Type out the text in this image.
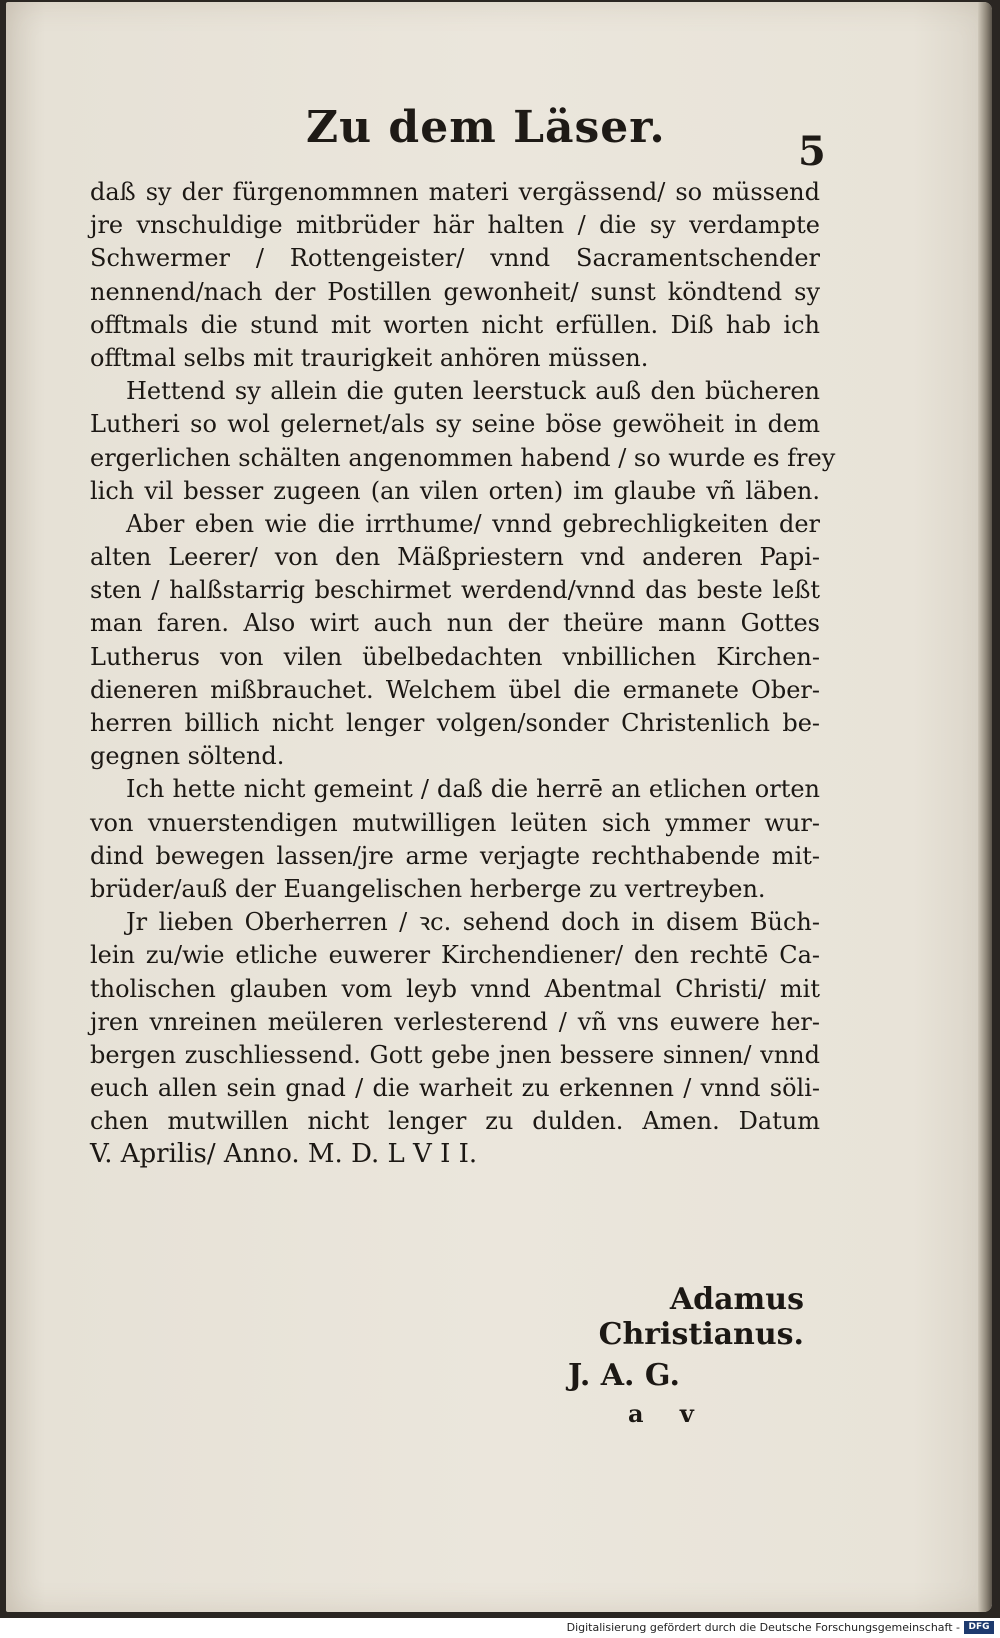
Zu dem Läser.	5
daß sy der fürgenommnen materi vergässend/ so müssend
jre vnschuldige mitbrüder här halten / die sy verdampte
Schwermer / Rottengeister/ vnnd Sacramentschender
nennend/nach der Postillen gewonheit/ sunst köndtend sy
offtmals die stund mit worten nicht erfüllen. Diß hab ich
offtmal selbs mit traurigkeit anhören müssen.
Hettend sy allein die guten leerstuck auß den bücheren
Lutheri so wol gelernet/als sy seine böse gewöheit in dem
ergerlichen schälten angenommen habend / so wurde es frey
lich vil besser zugeen (an vilen orten) im glaube vñ läben.
Aber eben wie die irrthume/ vnnd gebrechligkeiten der
alten Leerer/ von den Mäßpriestern vnd anderen Papi-
sten / halßstarrig beschirmet werdend/vnnd das beste leßt
man faren. Also wirt auch nun der theüre mann Gottes
Lutherus von vilen übelbedachten vnbillichen Kirchen-
dieneren mißbrauchet. Welchem übel die ermanete Ober-
herren billich nicht lenger volgen/sonder Christenlich be-
gegnen söltend.
Ich hette nicht gemeint / daß die herrē an etlichen orten
von vnuerstendigen mutwilligen leüten sich ymmer wur-
dind bewegen lassen/jre arme verjagte rechthabende mit-
brüder/auß der Euangelischen herberge zu vertreyben.
Jr lieben Oberherren / ꝛc. sehend doch in disem Büch-
lein zu/wie etliche euwerer Kirchendiener/ den rechtē Ca-
tholischen glauben vom leyb vnnd Abentmal Christi/ mit
jren vnreinen meüleren verlesterend / vñ vns euwere her-
bergen zuschliessend. Gott gebe jnen bessere sinnen/ vnnd
euch allen sein gnad / die warheit zu erkennen / vnnd söli-
chen mutwillen nicht lenger zu dulden. Amen. Datum
V. Aprilis/ Anno. M. D. L V I I.
Adamus Christianus.
J. A. G.
a v
Digitalisierung gefördert durch die Deutsche Forschungsgemeinschaft - DFG
